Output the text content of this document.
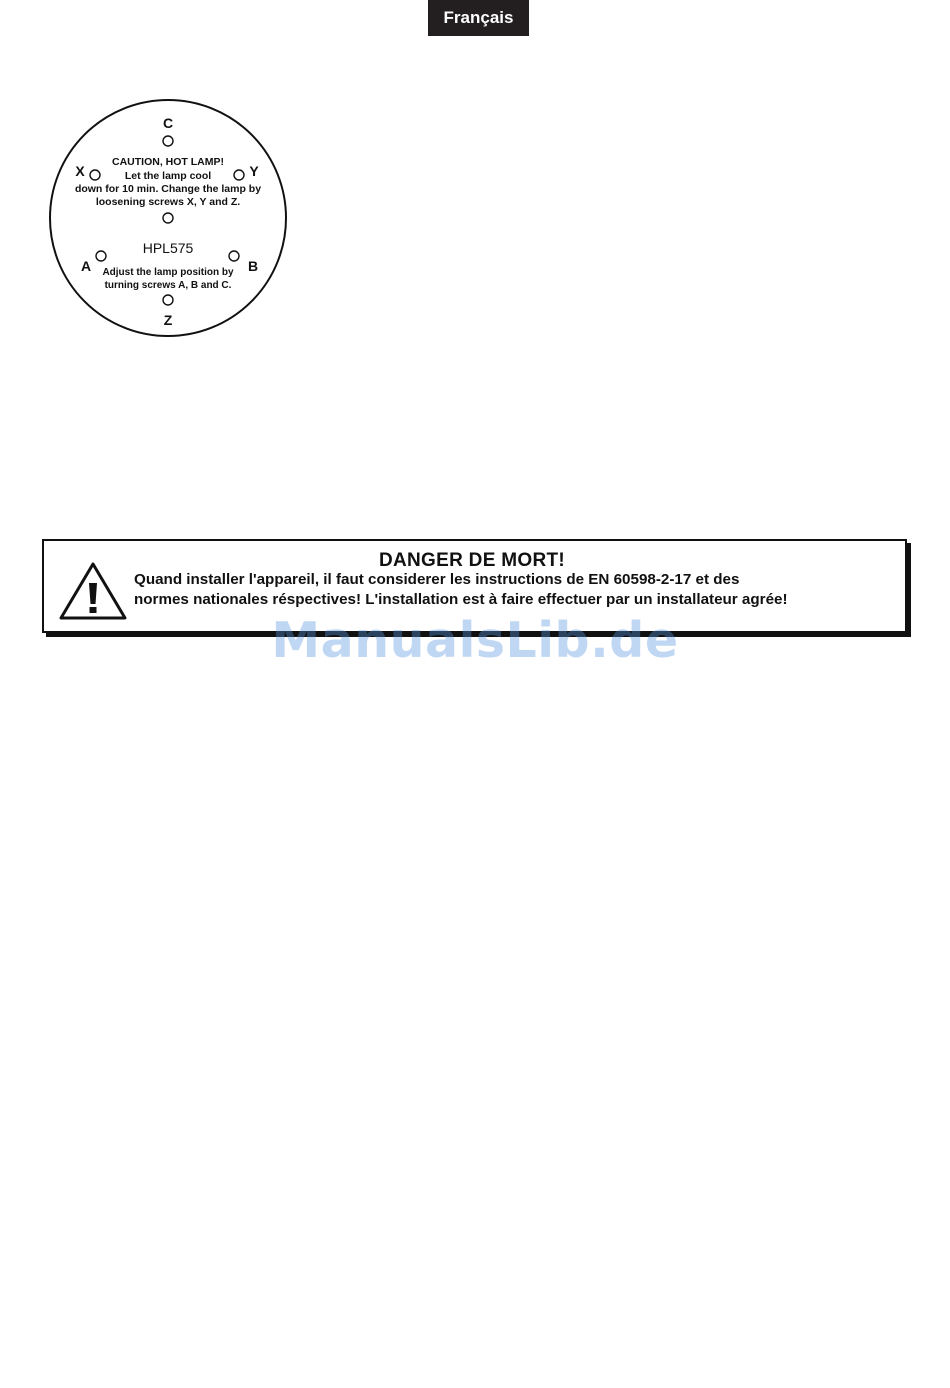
Français
C
X	Y
A	B
Z
CAUTION, HOT LAMP!
Let the lamp cool
down for 10 min. Change the lamp by
loosening screws X, Y and Z.
HPL575
Adjust the lamp position by
turning screws A, B and C.
DANGER DE MORT!
Quand installer l'appareil, il faut considerer les instructions de EN 60598-2-17 et des
normes nationales réspectives! L'installation est à faire effectuer par un installateur agrée!
ManualsLib.de
